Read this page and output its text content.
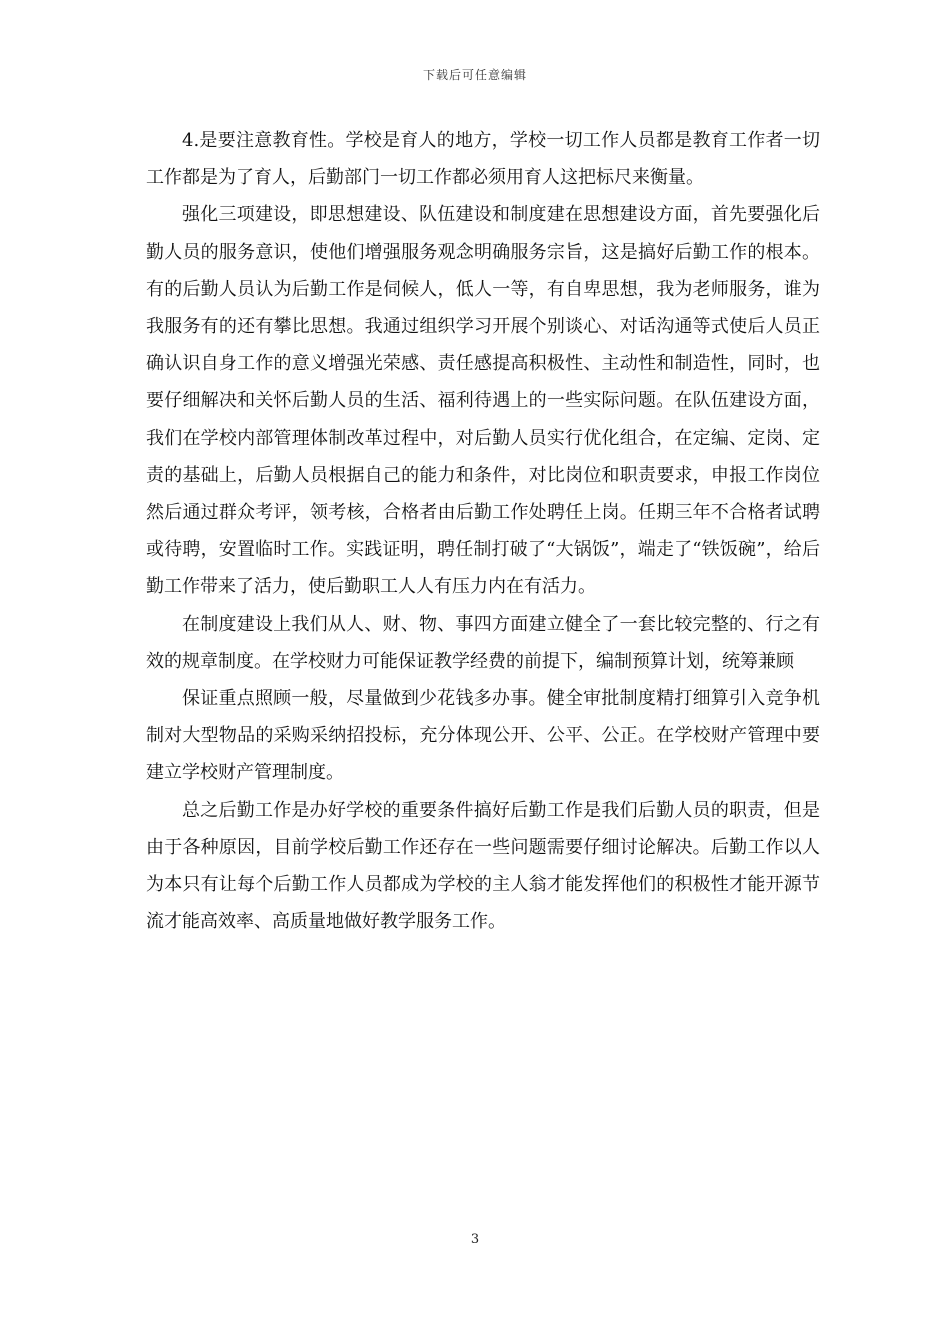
下载后可任意编辑

4.是要注意教育性。学校是育人的地方，学校一切工作人员都是教育工作者一切工作都是为了育人，后勤部门一切工作都必须用育人这把标尺来衡量。

强化三项建设，即思想建设、队伍建设和制度建在思想建设方面，首先要强化后勤人员的服务意识，使他们增强服务观念明确服务宗旨，这是搞好后勤工作的根本。有的后勤人员认为后勤工作是伺候人，低人一等，有自卑思想，我为老师服务，谁为我服务有的还有攀比思想。我通过组织学习开展个别谈心、对话沟通等式使后人员正确认识自身工作的意义增强光荣感、责任感提高积极性、主动性和制造性，同时，也要仔细解决和关怀后勤人员的生活、福利待遇上的一些实际问题。在队伍建设方面，我们在学校内部管理体制改革过程中，对后勤人员实行优化组合，在定编、定岗、定责的基础上，后勤人员根据自己的能力和条件，对比岗位和职责要求，申报工作岗位然后通过群众考评，领考核，合格者由后勤工作处聘任上岗。任期三年不合格者试聘或待聘，安置临时工作。实践证明，聘任制打破了“大锅饭”，端走了“铁饭碗”，给后勤工作带来了活力，使后勤职工人人有压力内在有活力。

在制度建设上我们从人、财、物、事四方面建立健全了一套比较完整的、行之有效的规章制度。在学校财力可能保证教学经费的前提下，编制预算计划，统筹兼顾

保证重点照顾一般，尽量做到少花钱多办事。健全审批制度精打细算引入竞争机制对大型物品的采购采纳招投标，充分体现公开、公平、公正。在学校财产管理中要建立学校财产管理制度。

总之后勤工作是办好学校的重要条件搞好后勤工作是我们后勤人员的职责，但是由于各种原因，目前学校后勤工作还存在一些问题需要仔细讨论解决。后勤工作以人为本只有让每个后勤工作人员都成为学校的主人翁才能发挥他们的积极性才能开源节流才能高效率、高质量地做好教学服务工作。

3
